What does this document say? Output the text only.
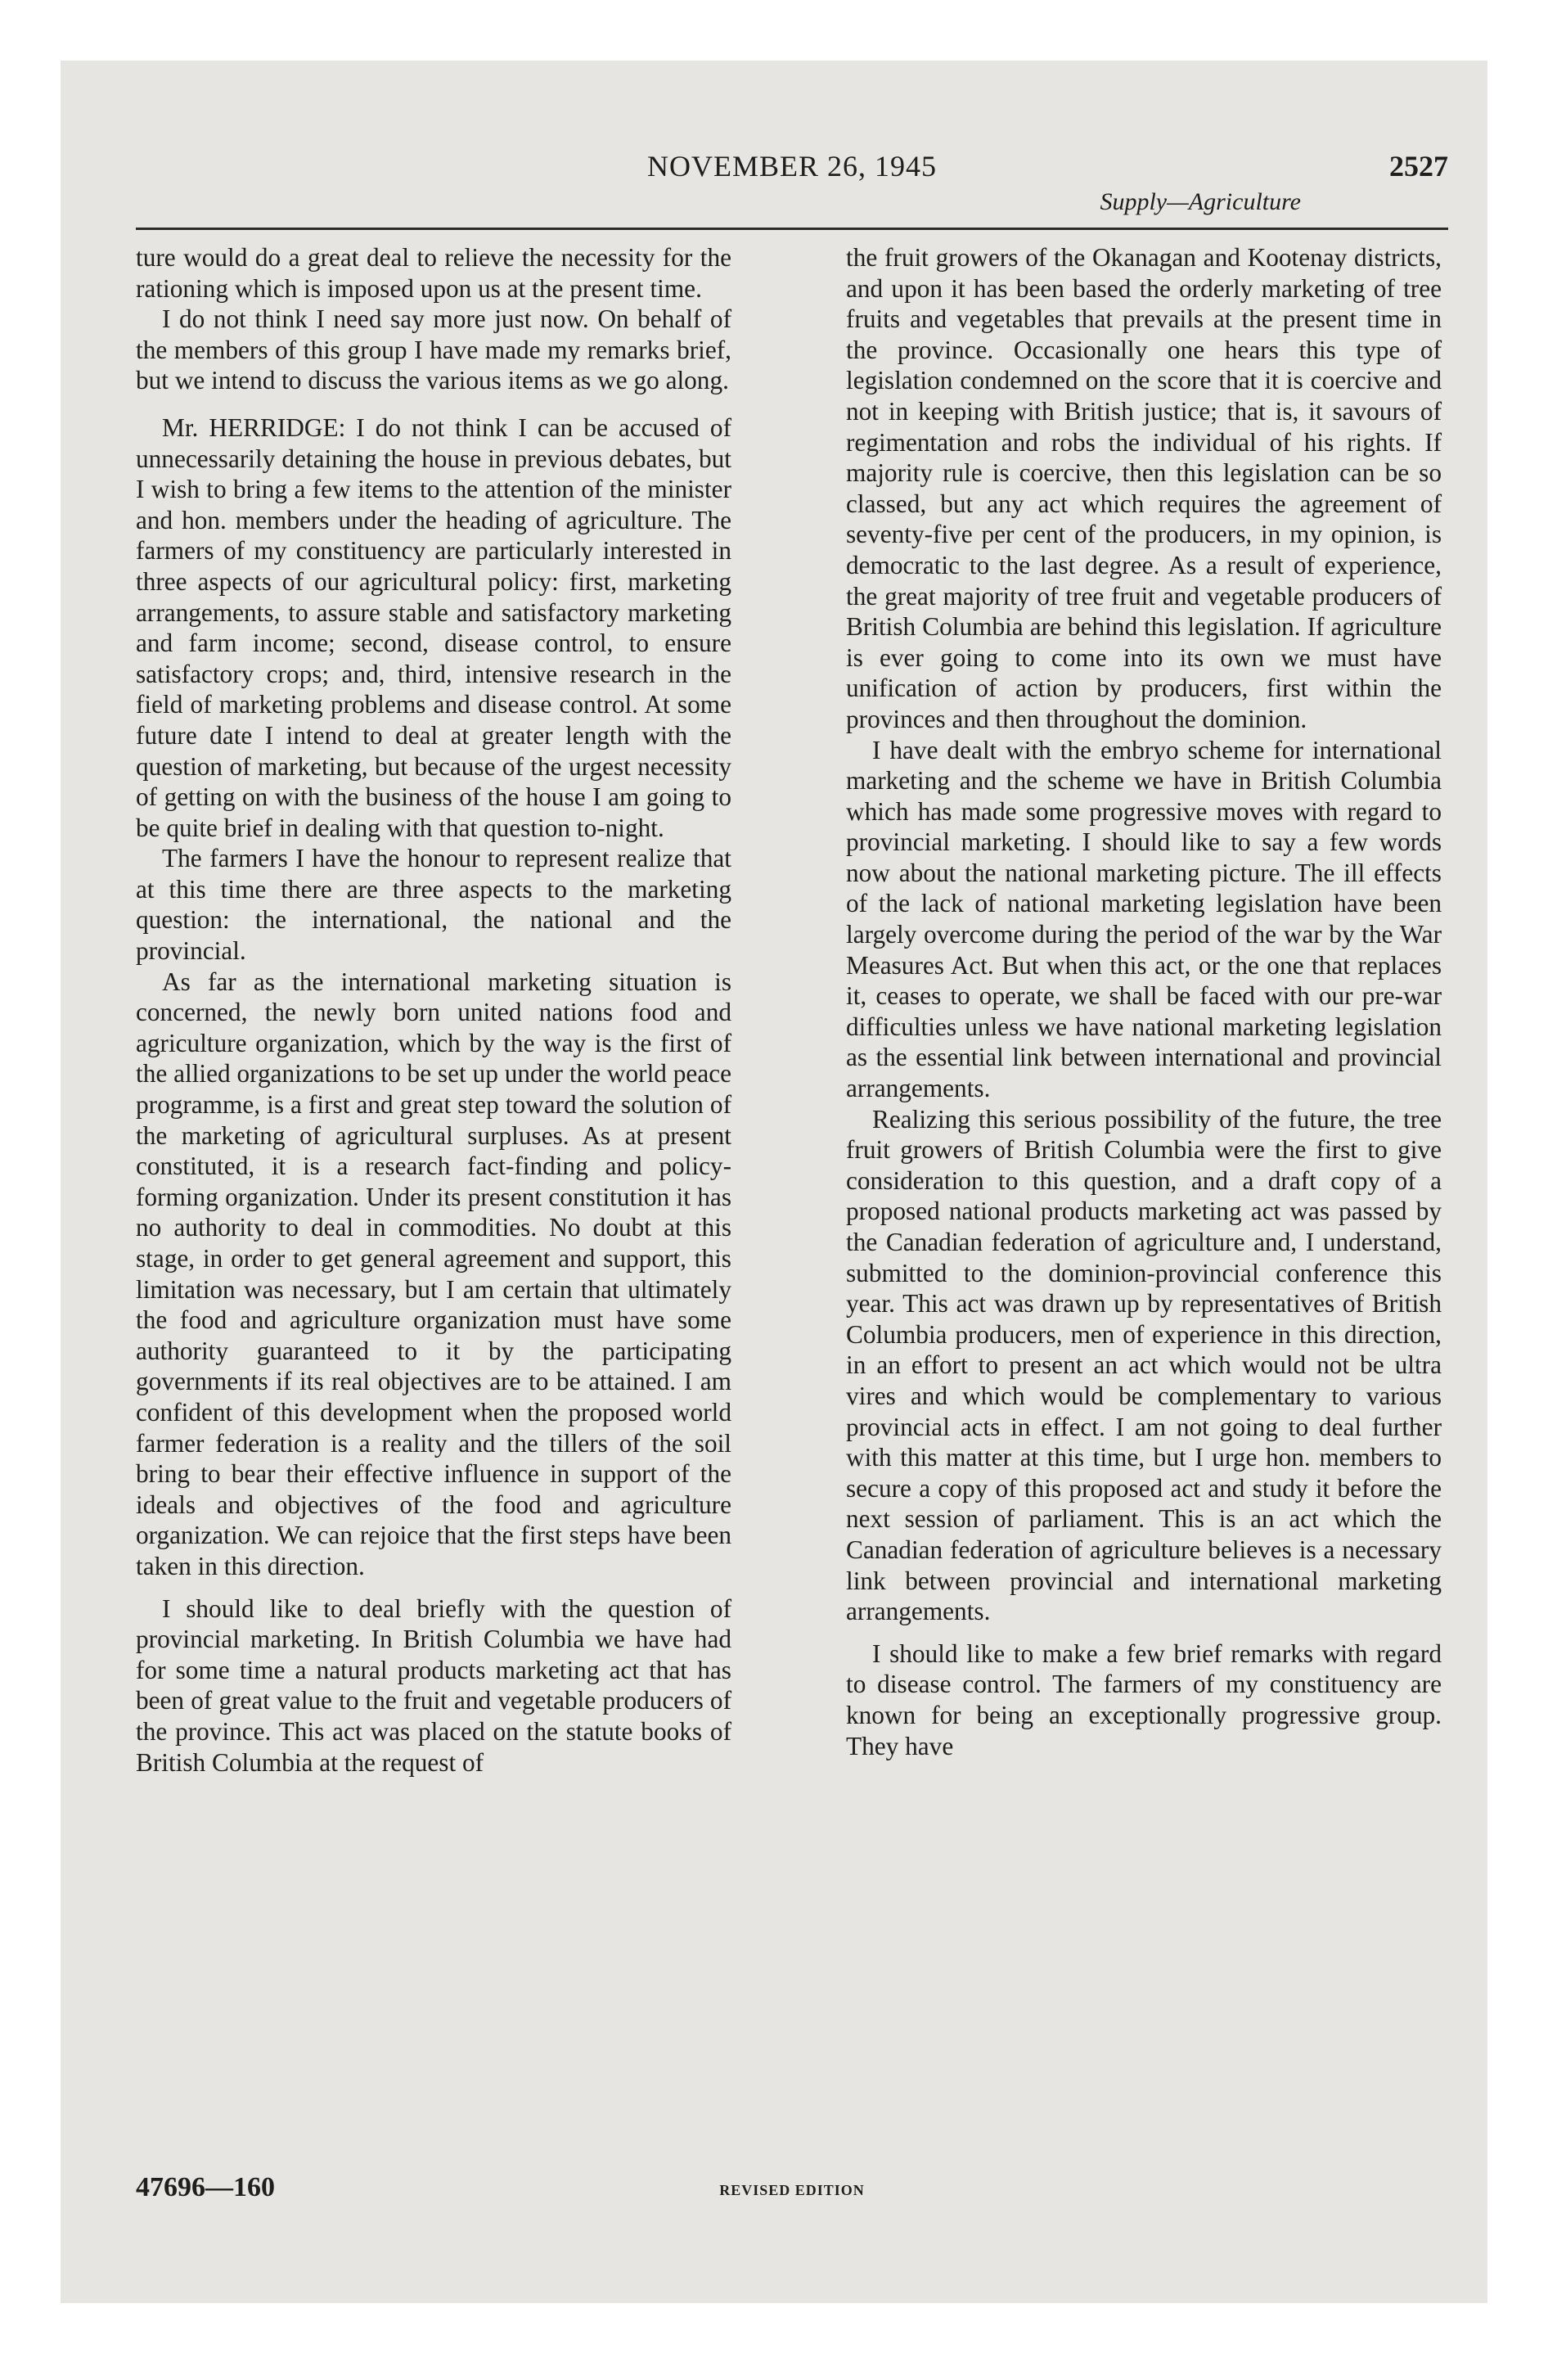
NOVEMBER 26, 1945	2527
Supply—Agriculture

ture would do a great deal to relieve the necessity for the rationing which is imposed upon us at the present time.

I do not think I need say more just now. On behalf of the members of this group I have made my remarks brief, but we intend to discuss the various items as we go along.

Mr. HERRIDGE: I do not think I can be accused of unnecessarily detaining the house in previous debates, but I wish to bring a few items to the attention of the minister and hon. members under the heading of agriculture. The farmers of my constituency are particularly interested in three aspects of our agricultural policy: first, marketing arrangements, to assure stable and satisfactory marketing and farm income; second, disease control, to ensure satisfactory crops; and, third, intensive research in the field of marketing problems and disease control. At some future date I intend to deal at greater length with the question of marketing, but because of the urgest necessity of getting on with the business of the house I am going to be quite brief in dealing with that question to-night.

The farmers I have the honour to represent realize that at this time there are three aspects to the marketing question: the international, the national and the provincial.

As far as the international marketing situation is concerned, the newly born united nations food and agriculture organization, which by the way is the first of the allied organizations to be set up under the world peace programme, is a first and great step toward the solution of the marketing of agricultural surpluses. As at present constituted, it is a research fact-finding and policy-forming organization. Under its present constitution it has no authority to deal in commodities. No doubt at this stage, in order to get general agreement and support, this limitation was necessary, but I am certain that ultimately the food and agriculture organization must have some authority guaranteed to it by the participating governments if its real objectives are to be attained. I am confident of this development when the proposed world farmer federation is a reality and the tillers of the soil bring to bear their effective influence in support of the ideals and objectives of the food and agriculture organization. We can rejoice that the first steps have been taken in this direction.

I should like to deal briefly with the question of provincial marketing. In British Columbia we have had for some time a natural products marketing act that has been of great value to the fruit and vegetable producers of the province. This act was placed on the statute books of British Columbia at the request of

the fruit growers of the Okanagan and Kootenay districts, and upon it has been based the orderly marketing of tree fruits and vegetables that prevails at the present time in the province. Occasionally one hears this type of legislation condemned on the score that it is coercive and not in keeping with British justice; that is, it savours of regimentation and robs the individual of his rights. If majority rule is coercive, then this legislation can be so classed, but any act which requires the agreement of seventy-five per cent of the producers, in my opinion, is democratic to the last degree. As a result of experience, the great majority of tree fruit and vegetable producers of British Columbia are behind this legislation. If agriculture is ever going to come into its own we must have unification of action by producers, first within the provinces and then throughout the dominion.

I have dealt with the embryo scheme for international marketing and the scheme we have in British Columbia which has made some progressive moves with regard to provincial marketing. I should like to say a few words now about the national marketing picture. The ill effects of the lack of national marketing legislation have been largely overcome during the period of the war by the War Measures Act. But when this act, or the one that replaces it, ceases to operate, we shall be faced with our pre-war difficulties unless we have national marketing legislation as the essential link between international and provincial arrangements.

Realizing this serious possibility of the future, the tree fruit growers of British Columbia were the first to give consideration to this question, and a draft copy of a proposed national products marketing act was passed by the Canadian federation of agriculture and, I understand, submitted to the dominion-provincial conference this year. This act was drawn up by representatives of British Columbia producers, men of experience in this direction, in an effort to present an act which would not be ultra vires and which would be complementary to various provincial acts in effect. I am not going to deal further with this matter at this time, but I urge hon. members to secure a copy of this proposed act and study it before the next session of parliament. This is an act which the Canadian federation of agriculture believes is a necessary link between provincial and international marketing arrangements.

I should like to make a few brief remarks with regard to disease control. The farmers of my constituency are known for being an exceptionally progressive group. They have

47696—160	REVISED EDITION
